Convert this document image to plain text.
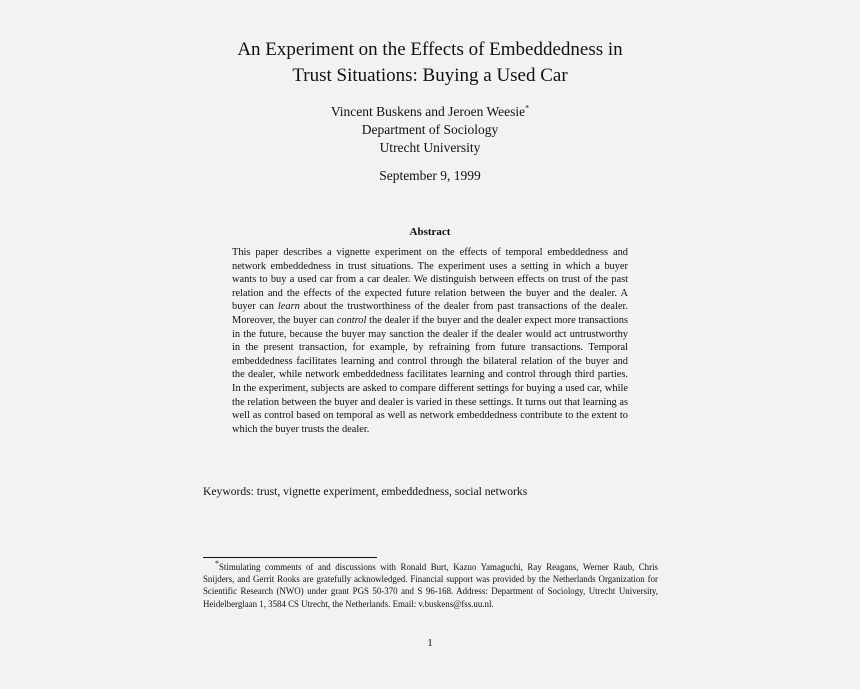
An Experiment on the Effects of Embeddedness in
Trust Situations: Buying a Used Car

Vincent Buskens and Jeroen Weesie*

Department of Sociology

Utrecht University

September 9, 1999

Abstract

This paper describes a vignette experiment on the effects of temporal embeddedness and network embeddedness in trust situations. The experiment uses a setting in which a buyer wants to buy a used car from a car dealer. We distinguish between effects on trust of the past relation and the effects of the expected future relation between the buyer and the dealer. A buyer can learn about the trustworthiness of the dealer from past transactions of the dealer. Moreover, the buyer can control the dealer if the buyer and the dealer expect more transactions in the future, because the buyer may sanction the dealer if the dealer would act untrustworthy in the present transaction, for example, by refraining from future transactions. Temporal embeddedness facilitates learning and control through the bilateral relation of the buyer and the dealer, while network embeddedness facilitates learning and control through third parties. In the experiment, subjects are asked to compare different settings for buying a used car, while the relation between the buyer and dealer is varied in these settings. It turns out that learning as well as control based on temporal as well as network embeddedness contribute to the extent to which the buyer trusts the dealer.

Keywords: trust, vignette experiment, embeddedness, social networks

*Stimulating comments of and discussions with Ronald Burt, Kazuo Yamaguchi, Ray Reagans, Werner Raub, Chris Snijders, and Gerrit Rooks are gratefully acknowledged. Financial support was provided by the Netherlands Organization for Scientific Research (NWO) under grant PGS 50-370 and S 96-168. Address: Department of Sociology, Utrecht University, Heidelberglaan 1, 3584 CS Utrecht, the Netherlands. Email: v.buskens@fss.uu.nl.

1
